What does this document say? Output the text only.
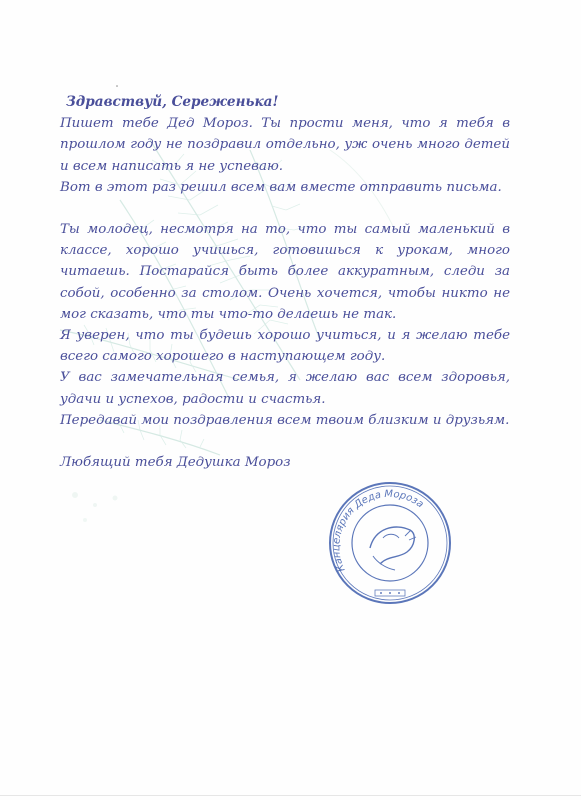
Здравствуй, Сереженька!

Пишет тебе Дед Мороз. Ты прости меня, что я тебя в прошлом году не поздравил отдельно, уж очень много детей и всем написать я не успеваю.

Вот в этот раз решил всем вам вместе отправить письма.

Ты молодец, несмотря на то, что ты самый маленький в классе, хорошо учишься, готовишься к урокам, много читаешь. Постарайся быть более аккуратным, следи за собой, особенно за столом. Очень хочется, чтобы никто не мог сказать, что ты что-то делаешь не так.

Я уверен, что ты будешь хорошо учиться, и я желаю тебе всего самого хорошего в наступающем году.

У вас замечательная семья, я желаю вас всем здоровья, удачи и успехов, радости и счастья.

Передавай мои поздравления всем твоим близким и друзьям.

Любящий тебя Дедушка Мороз

Канцелярия Деда Мороза
